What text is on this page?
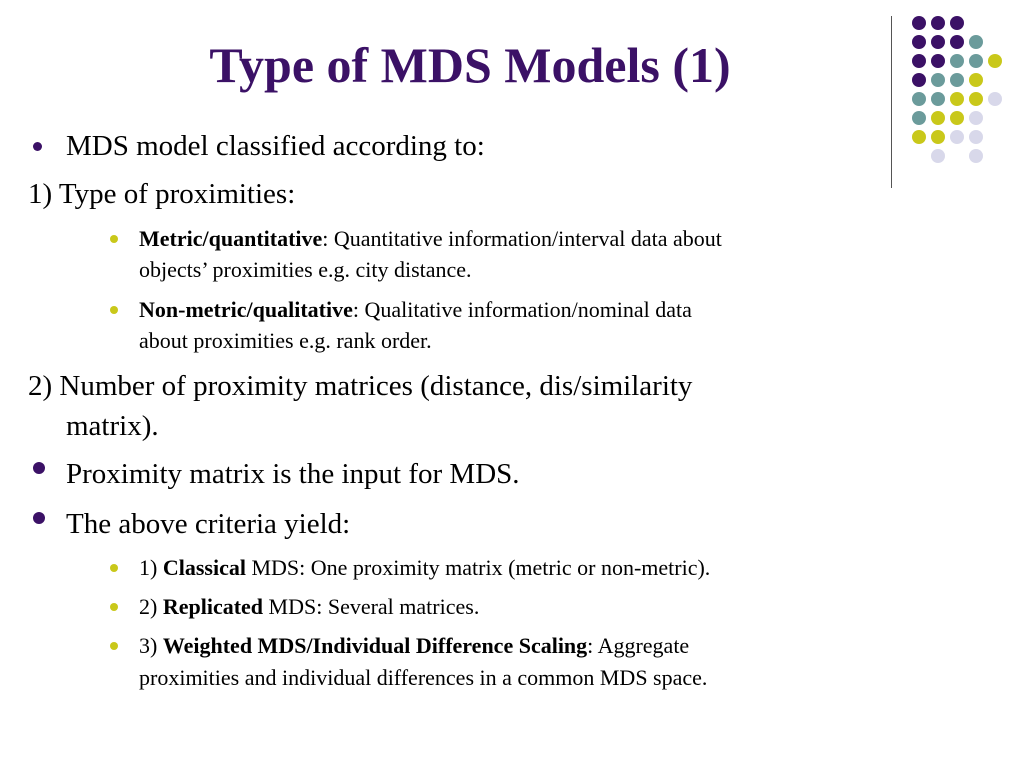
Type of MDS Models (1)
MDS model classified according to:
1) Type of proximities:
Metric/quantitative: Quantitative information/interval data about
objects’ proximities e.g. city distance.
Non-metric/qualitative: Qualitative information/nominal data
about proximities e.g. rank order.
2) Number of proximity matrices (distance, dis/similarity
matrix).
Proximity matrix is the input for MDS.
The above criteria yield:
1) Classical MDS: One proximity matrix (metric or non-metric).
2) Replicated MDS: Several matrices.
3) Weighted MDS/Individual Difference Scaling: Aggregate
proximities and individual differences in a common MDS space.
